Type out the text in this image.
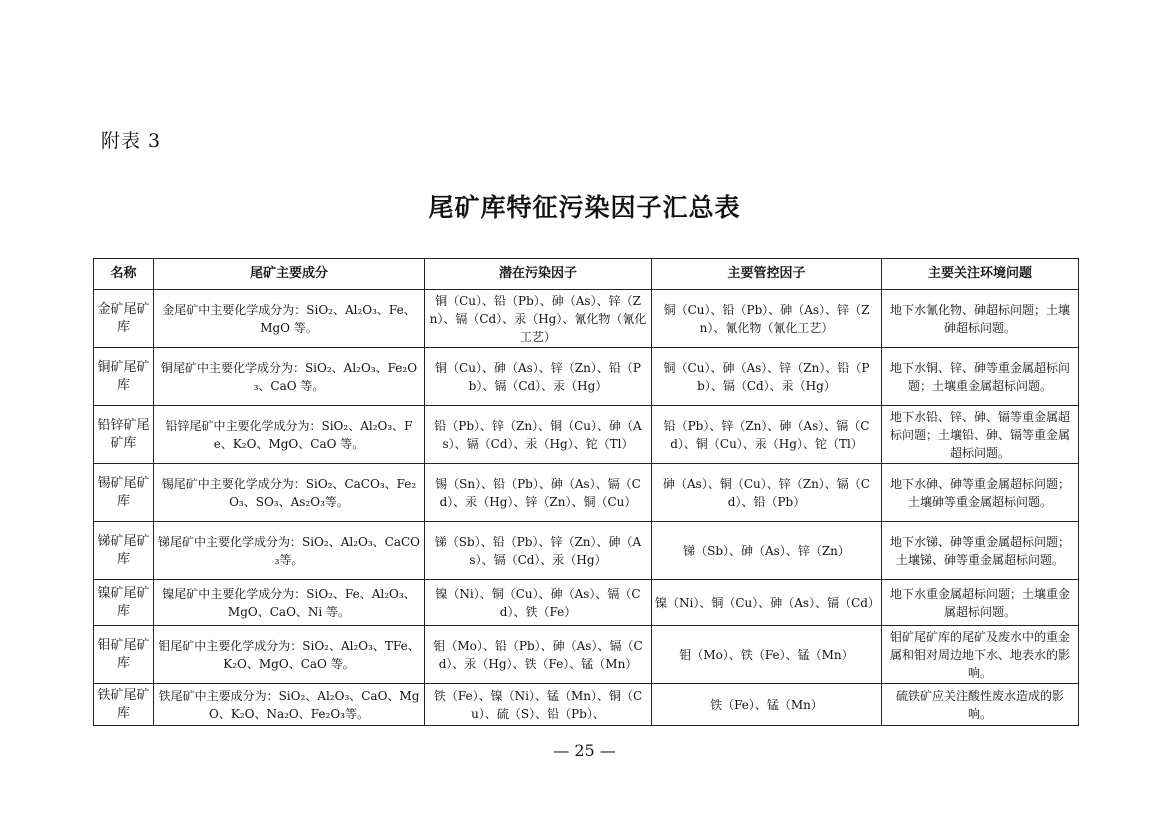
附表 3
尾矿库特征污染因子汇总表
名称	尾矿主要成分	潜在污染因子	主要管控因子	主要关注环境问题
金矿尾矿库	金尾矿中主要化学成分为：SiO₂、Al₂O₃、Fe、MgO 等。	铜（Cu）、铅（Pb）、砷（As）、锌（Zn）、镉（Cd）、汞（Hg）、氰化物（氰化工艺）	铜（Cu）、铅（Pb）、砷（As）、锌（Zn）、氰化物（氰化工艺）	地下水氰化物、砷超标问题；土壤砷超标问题。
铜矿尾矿库	铜尾矿中主要化学成分为：SiO₂、Al₂O₃、Fe₂O₃、CaO 等。	铜（Cu）、砷（As）、锌（Zn）、铅（Pb）、镉（Cd）、汞（Hg）	铜（Cu）、砷（As）、锌（Zn）、铅（Pb）、镉（Cd）、汞（Hg）	地下水铜、锌、砷等重金属超标问题；土壤重金属超标问题。
铅锌矿尾矿库	铅锌尾矿中主要化学成分为：SiO₂、Al₂O₃、Fe、K₂O、MgO、CaO 等。	铅（Pb）、锌（Zn）、铜（Cu）、砷（As）、镉（Cd）、汞（Hg）、铊（Tl）	铅（Pb）、锌（Zn）、砷（As）、镉（Cd）、铜（Cu）、汞（Hg）、铊（Tl）	地下水铅、锌、砷、镉等重金属超标问题；土壤铅、砷、镉等重金属超标问题。
锡矿尾矿库	锡尾矿中主要化学成分为：SiO₂、CaCO₃、Fe₂O₃、SO₃、As₂O₃等。	锡（Sn）、铅（Pb）、砷（As）、镉（Cd）、汞（Hg）、锌（Zn）、铜（Cu）	砷（As）、铜（Cu）、锌（Zn）、镉（Cd）、铅（Pb）	地下水砷、砷等重金属超标问题；土壤砷等重金属超标问题。
锑矿尾矿库	锑尾矿中主要化学成分为：SiO₂、Al₂O₃、CaCO₃等。	锑（Sb）、铅（Pb）、锌（Zn）、砷（As）、镉（Cd）、汞（Hg）	锑（Sb）、砷（As）、锌（Zn）	地下水锑、砷等重金属超标问题；土壤锑、砷等重金属超标问题。
镍矿尾矿库	镍尾矿中主要化学成分为：SiO₂、Fe、Al₂O₃、MgO、CaO、Ni 等。	镍（Ni）、铜（Cu）、砷（As）、镉（Cd）、铁（Fe）	镍（Ni）、铜（Cu）、砷（As）、镉（Cd）	地下水重金属超标问题；土壤重金属超标问题。
钼矿尾矿库	钼尾矿中主要化学成分为：SiO₂、Al₂O₃、TFe、K₂O、MgO、CaO 等。	钼（Mo）、铅（Pb）、砷（As）、镉（Cd）、汞（Hg）、铁（Fe）、锰（Mn）	钼（Mo）、铁（Fe）、锰（Mn）	钼矿尾矿库的尾矿及废水中的重金属和钼对周边地下水、地表水的影响。
铁矿尾矿库	铁尾矿中主要成分为：SiO₂、Al₂O₃、CaO、MgO、K₂O、Na₂O、Fe₂O₃等。	铁（Fe）、镍（Ni）、锰（Mn）、铜（Cu）、硫（S）、铅（Pb）、	铁（Fe）、锰（Mn）	硫铁矿应关注酸性废水造成的影响。
— 25 —
